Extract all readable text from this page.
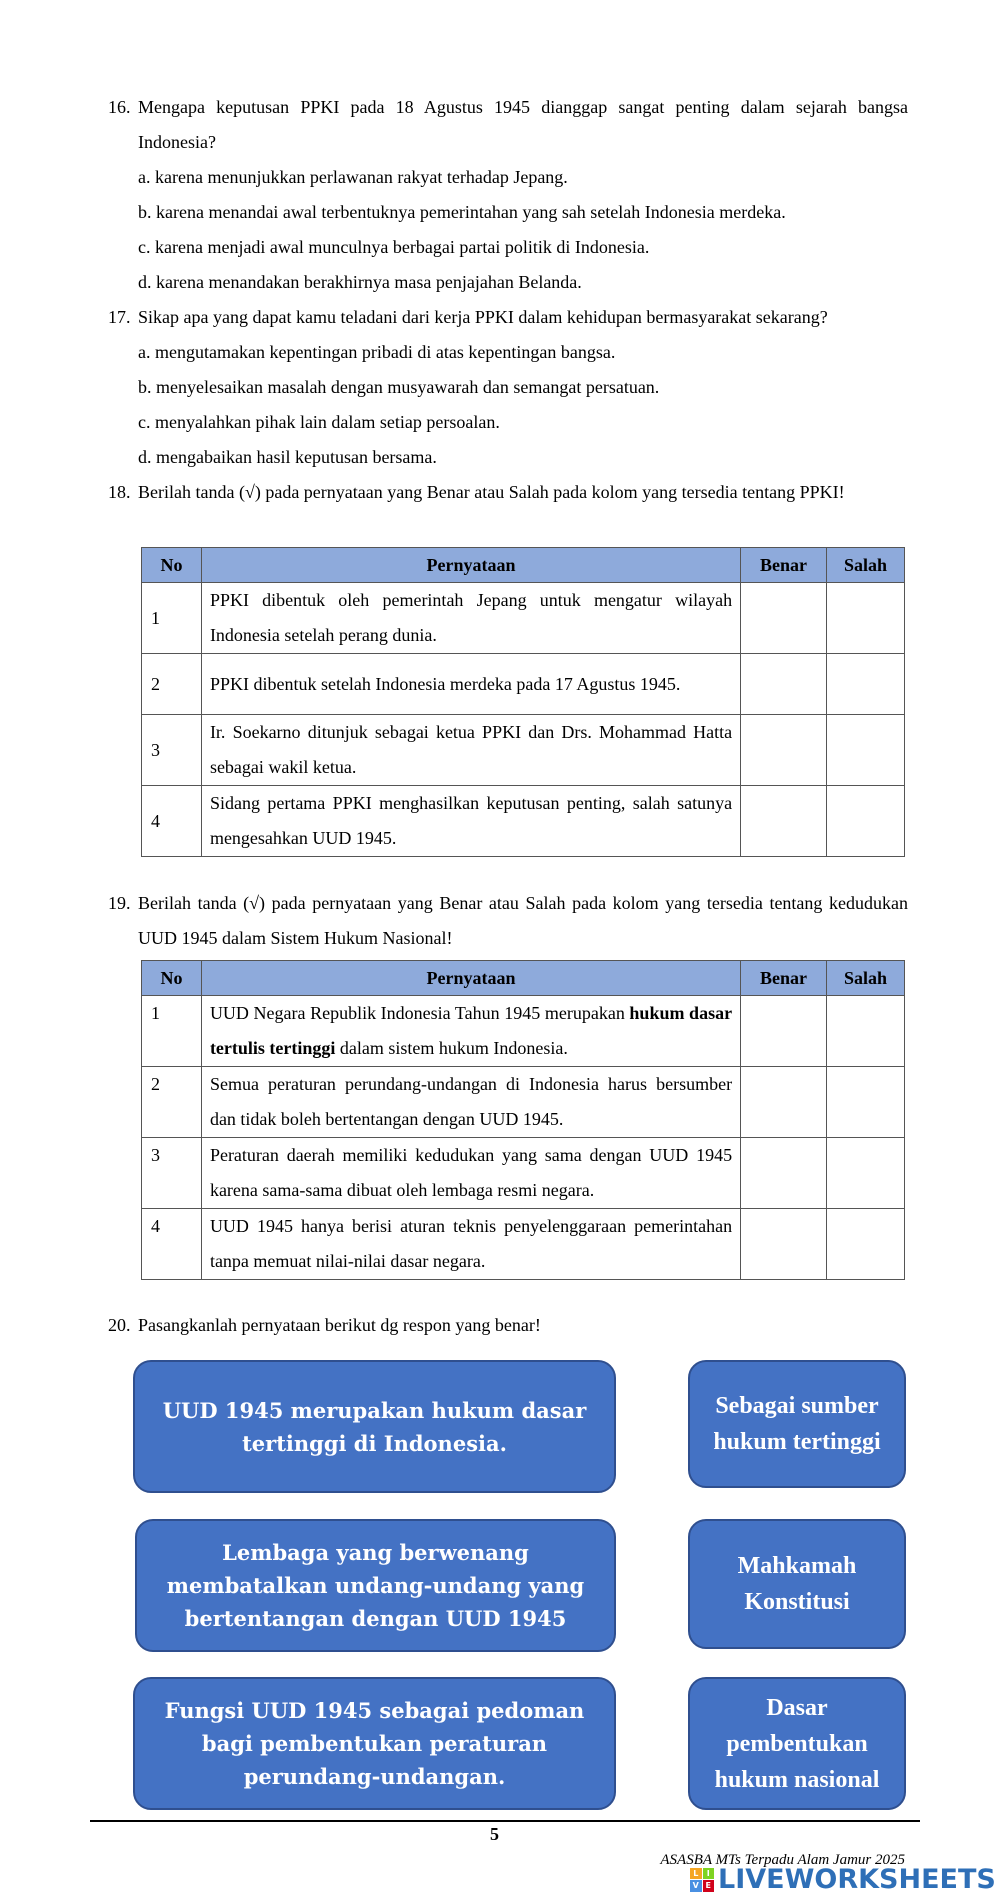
16. Mengapa keputusan PPKI pada 18 Agustus 1945 dianggap sangat penting dalam sejarah bangsa Indonesia?
a. karena menunjukkan perlawanan rakyat terhadap Jepang.
b. karena menandai awal terbentuknya pemerintahan yang sah setelah Indonesia merdeka.
c. karena menjadi awal munculnya berbagai partai politik di Indonesia.
d. karena menandakan berakhirnya masa penjajahan Belanda.
17. Sikap apa yang dapat kamu teladani dari kerja PPKI dalam kehidupan bermasyarakat sekarang?
a. mengutamakan kepentingan pribadi di atas kepentingan bangsa.
b. menyelesaikan masalah dengan musyawarah dan semangat persatuan.
c. menyalahkan pihak lain dalam setiap persoalan.
d. mengabaikan hasil keputusan bersama.
18. Berilah tanda (√) pada pernyataan yang Benar atau Salah pada kolom yang tersedia tentang PPKI!
No	Pernyataan	Benar	Salah
1	PPKI dibentuk oleh pemerintah Jepang untuk mengatur wilayah Indonesia setelah perang dunia.		
2	PPKI dibentuk setelah Indonesia merdeka pada 17 Agustus 1945.		
3	Ir. Soekarno ditunjuk sebagai ketua PPKI dan Drs. Mohammad Hatta sebagai wakil ketua.		
4	Sidang pertama PPKI menghasilkan keputusan penting, salah satunya mengesahkan UUD 1945.		
19. Berilah tanda (√) pada pernyataan yang Benar atau Salah pada kolom yang tersedia tentang kedudukan UUD 1945 dalam Sistem Hukum Nasional!
No	Pernyataan	Benar	Salah
1	UUD Negara Republik Indonesia Tahun 1945 merupakan hukum dasar tertulis tertinggi dalam sistem hukum Indonesia.		
2	Semua peraturan perundang-undangan di Indonesia harus bersumber dan tidak boleh bertentangan dengan UUD 1945.		
3	Peraturan daerah memiliki kedudukan yang sama dengan UUD 1945 karena sama-sama dibuat oleh lembaga resmi negara.		
4	UUD 1945 hanya berisi aturan teknis penyelenggaraan pemerintahan tanpa memuat nilai-nilai dasar negara.		
20. Pasangkanlah pernyataan berikut dg respon yang benar!
UUD 1945 merupakan hukum dasar tertinggi di Indonesia.
Lembaga yang berwenang membatalkan undang-undang yang bertentangan dengan UUD 1945
Fungsi UUD 1945 sebagai pedoman bagi pembentukan peraturan perundang-undangan.
Sebagai sumber hukum tertinggi
Mahkamah Konstitusi
Dasar pembentukan hukum nasional
5
ASASBA MTs Terpadu Alam Jamur 2025
L	I
V E LIVEWORKSHEETS
